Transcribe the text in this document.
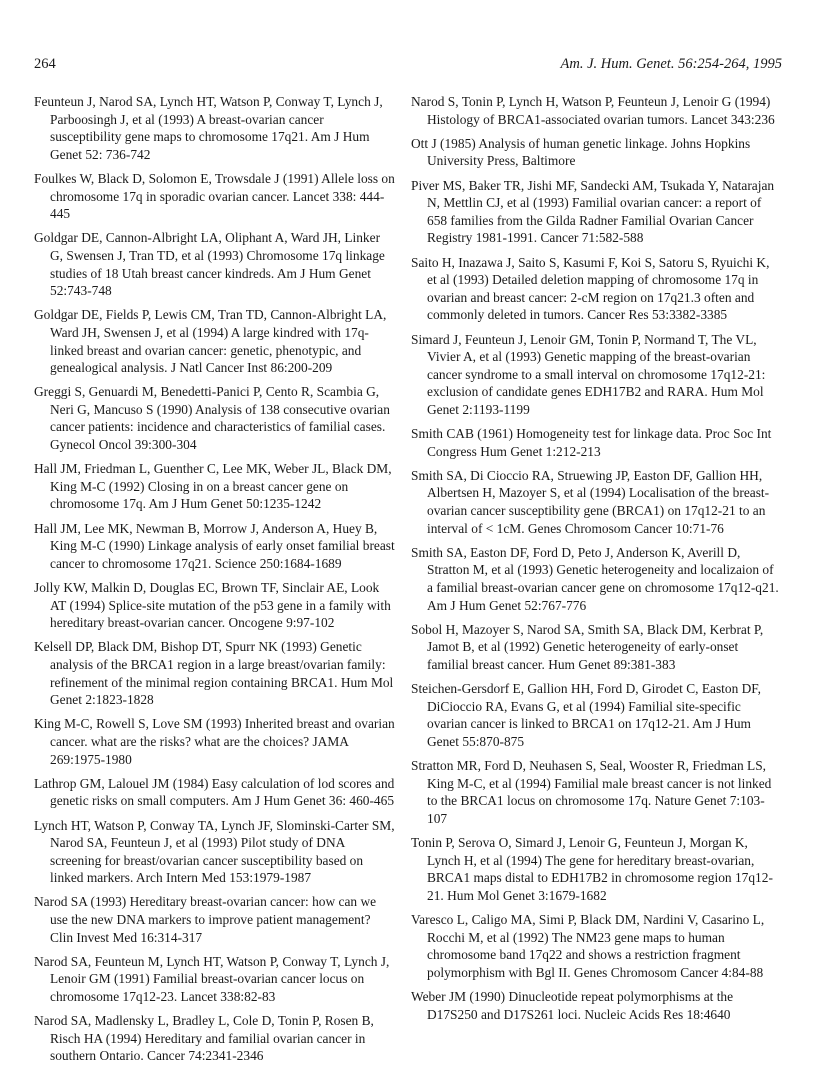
264	Am. J. Hum. Genet. 56:254-264, 1995

Feunteun J, Narod SA, Lynch HT, Watson P, Conway T, Lynch J, Parboosingh J, et al (1993) A breast-ovarian cancer susceptibility gene maps to chromosome 17q21. Am J Hum Genet 52: 736-742

Foulkes W, Black D, Solomon E, Trowsdale J (1991) Allele loss on chromosome 17q in sporadic ovarian cancer. Lancet 338: 444-445

Goldgar DE, Cannon-Albright LA, Oliphant A, Ward JH, Linker G, Swensen J, Tran TD, et al (1993) Chromosome 17q linkage studies of 18 Utah breast cancer kindreds. Am J Hum Genet 52:743-748

Goldgar DE, Fields P, Lewis CM, Tran TD, Cannon-Albright LA, Ward JH, Swensen J, et al (1994) A large kindred with 17q-linked breast and ovarian cancer: genetic, phenotypic, and genealogical analysis. J Natl Cancer Inst 86:200-209

Greggi S, Genuardi M, Benedetti-Panici P, Cento R, Scambia G, Neri G, Mancuso S (1990) Analysis of 138 consecutive ovarian cancer patients: incidence and characteristics of familial cases. Gynecol Oncol 39:300-304

Hall JM, Friedman L, Guenther C, Lee MK, Weber JL, Black DM, King M-C (1992) Closing in on a breast cancer gene on chromosome 17q. Am J Hum Genet 50:1235-1242

Hall JM, Lee MK, Newman B, Morrow J, Anderson A, Huey B, King M-C (1990) Linkage analysis of early onset familial breast cancer to chromosome 17q21. Science 250:1684-1689

Jolly KW, Malkin D, Douglas EC, Brown TF, Sinclair AE, Look AT (1994) Splice-site mutation of the p53 gene in a family with hereditary breast-ovarian cancer. Oncogene 9:97-102

Kelsell DP, Black DM, Bishop DT, Spurr NK (1993) Genetic analysis of the BRCA1 region in a large breast/ovarian family: refinement of the minimal region containing BRCA1. Hum Mol Genet 2:1823-1828

King M-C, Rowell S, Love SM (1993) Inherited breast and ovarian cancer. what are the risks? what are the choices? JAMA 269:1975-1980

Lathrop GM, Lalouel JM (1984) Easy calculation of lod scores and genetic risks on small computers. Am J Hum Genet 36: 460-465

Lynch HT, Watson P, Conway TA, Lynch JF, Slominski-Carter SM, Narod SA, Feunteun J, et al (1993) Pilot study of DNA screening for breast/ovarian cancer susceptibility based on linked markers. Arch Intern Med 153:1979-1987

Narod SA (1993) Hereditary breast-ovarian cancer: how can we use the new DNA markers to improve patient management? Clin Invest Med 16:314-317

Narod SA, Feunteun M, Lynch HT, Watson P, Conway T, Lynch J, Lenoir GM (1991) Familial breast-ovarian cancer locus on chromosome 17q12-23. Lancet 338:82-83

Narod SA, Madlensky L, Bradley L, Cole D, Tonin P, Rosen B, Risch HA (1994) Hereditary and familial ovarian cancer in southern Ontario. Cancer 74:2341-2346

Narod S, Tonin P, Lynch H, Watson P, Feunteun J, Lenoir G (1994) Histology of BRCA1-associated ovarian tumors. Lancet 343:236

Ott J (1985) Analysis of human genetic linkage. Johns Hopkins University Press, Baltimore

Piver MS, Baker TR, Jishi MF, Sandecki AM, Tsukada Y, Natarajan N, Mettlin CJ, et al (1993) Familial ovarian cancer: a report of 658 families from the Gilda Radner Familial Ovarian Cancer Registry 1981-1991. Cancer 71:582-588

Saito H, Inazawa J, Saito S, Kasumi F, Koi S, Satoru S, Ryuichi K, et al (1993) Detailed deletion mapping of chromosome 17q in ovarian and breast cancer: 2-cM region on 17q21.3 often and commonly deleted in tumors. Cancer Res 53:3382-3385

Simard J, Feunteun J, Lenoir GM, Tonin P, Normand T, The VL, Vivier A, et al (1993) Genetic mapping of the breast-ovarian cancer syndrome to a small interval on chromosome 17q12-21: exclusion of candidate genes EDH17B2 and RARA. Hum Mol Genet 2:1193-1199

Smith CAB (1961) Homogeneity test for linkage data. Proc Soc Int Congress Hum Genet 1:212-213

Smith SA, Di Cioccio RA, Struewing JP, Easton DF, Gallion HH, Albertsen H, Mazoyer S, et al (1994) Localisation of the breast-ovarian cancer susceptibility gene (BRCA1) on 17q12-21 to an interval of < 1cM. Genes Chromosom Cancer 10:71-76

Smith SA, Easton DF, Ford D, Peto J, Anderson K, Averill D, Stratton M, et al (1993) Genetic heterogeneity and localizaion of a familial breast-ovarian cancer gene on chromosome 17q12-q21. Am J Hum Genet 52:767-776

Sobol H, Mazoyer S, Narod SA, Smith SA, Black DM, Kerbrat P, Jamot B, et al (1992) Genetic heterogeneity of early-onset familial breast cancer. Hum Genet 89:381-383

Steichen-Gersdorf E, Gallion HH, Ford D, Girodet C, Easton DF, DiCioccio RA, Evans G, et al (1994) Familial site-specific ovarian cancer is linked to BRCA1 on 17q12-21. Am J Hum Genet 55:870-875

Stratton MR, Ford D, Neuhasen S, Seal, Wooster R, Friedman LS, King M-C, et al (1994) Familial male breast cancer is not linked to the BRCA1 locus on chromosome 17q. Nature Genet 7:103-107

Tonin P, Serova O, Simard J, Lenoir G, Feunteun J, Morgan K, Lynch H, et al (1994) The gene for hereditary breast-ovarian, BRCA1 maps distal to EDH17B2 in chromosome region 17q12-21. Hum Mol Genet 3:1679-1682

Varesco L, Caligo MA, Simi P, Black DM, Nardini V, Casarino L, Rocchi M, et al (1992) The NM23 gene maps to human chromosome band 17q22 and shows a restriction fragment polymorphism with Bgl II. Genes Chromosom Cancer 4:84-88

Weber JM (1990) Dinucleotide repeat polymorphisms at the D17S250 and D17S261 loci. Nucleic Acids Res 18:4640
